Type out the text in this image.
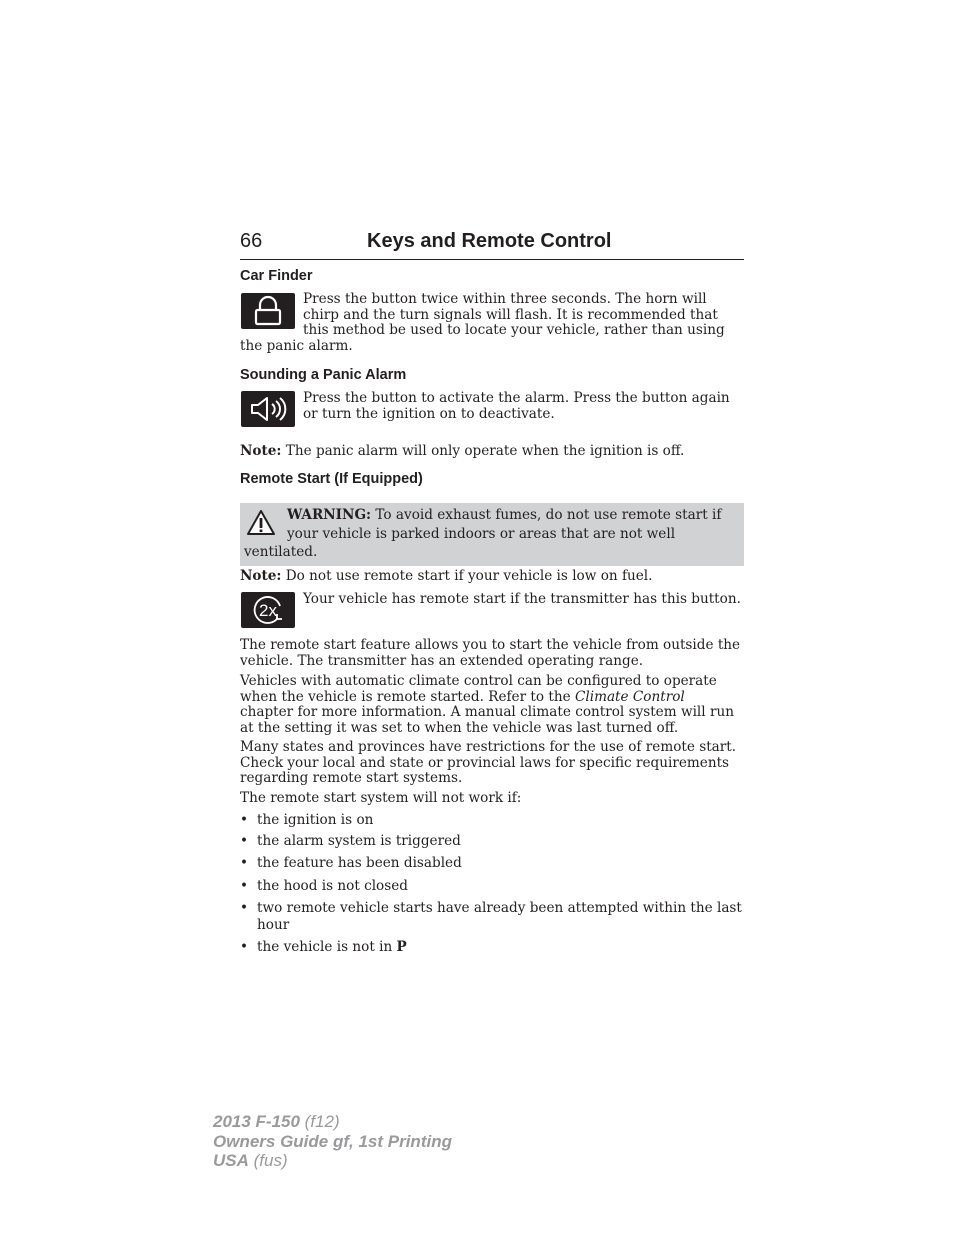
66	Keys and Remote Control
Car Finder
Press the button twice within three seconds. The horn will
chirp and the turn signals will flash. It is recommended that
this method be used to locate your vehicle, rather than using
the panic alarm.
Sounding a Panic Alarm
Press the button to activate the alarm. Press the button again
or turn the ignition on to deactivate.
Note: The panic alarm will only operate when the ignition is off.
Remote Start (If Equipped)
WARNING: To avoid exhaust fumes, do not use remote start if
your vehicle is parked indoors or areas that are not well
ventilated.
Note: Do not use remote start if your vehicle is low on fuel.
2x
Your vehicle has remote start if the transmitter has this button.
The remote start feature allows you to start the vehicle from outside the
vehicle. The transmitter has an extended operating range.
Vehicles with automatic climate control can be configured to operate
when the vehicle is remote started. Refer to the Climate Control
chapter for more information. A manual climate control system will run
at the setting it was set to when the vehicle was last turned off.
Many states and provinces have restrictions for the use of remote start.
Check your local and state or provincial laws for specific requirements
regarding remote start systems.
The remote start system will not work if:
• the ignition is on
• the alarm system is triggered
• the feature has been disabled
• the hood is not closed
• two remote vehicle starts have already been attempted within the last
hour
• the vehicle is not in P
2013 F-150 (f12)
Owners Guide gf, 1st Printing
USA (fus)
